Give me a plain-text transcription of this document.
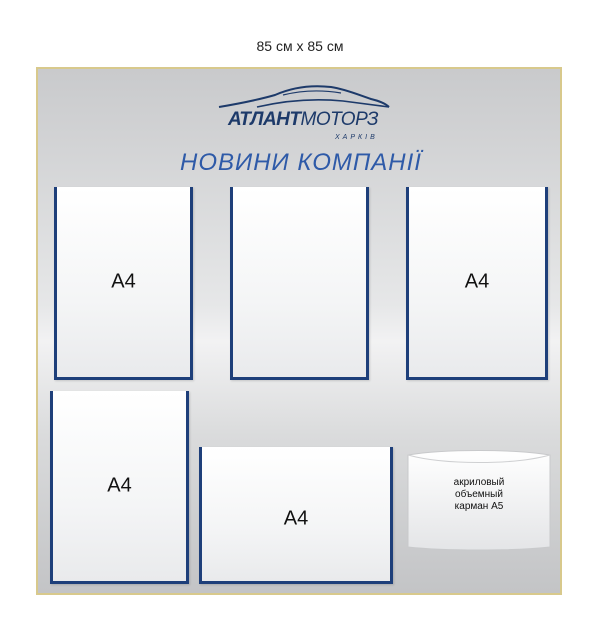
85 см х 85 см
АТЛАНТМОТОРЗ
ХАРКІВ
НОВИНИ КОМПАНІЇ
А4	А4
А4
А4
акриловый
объемный
карман А5
